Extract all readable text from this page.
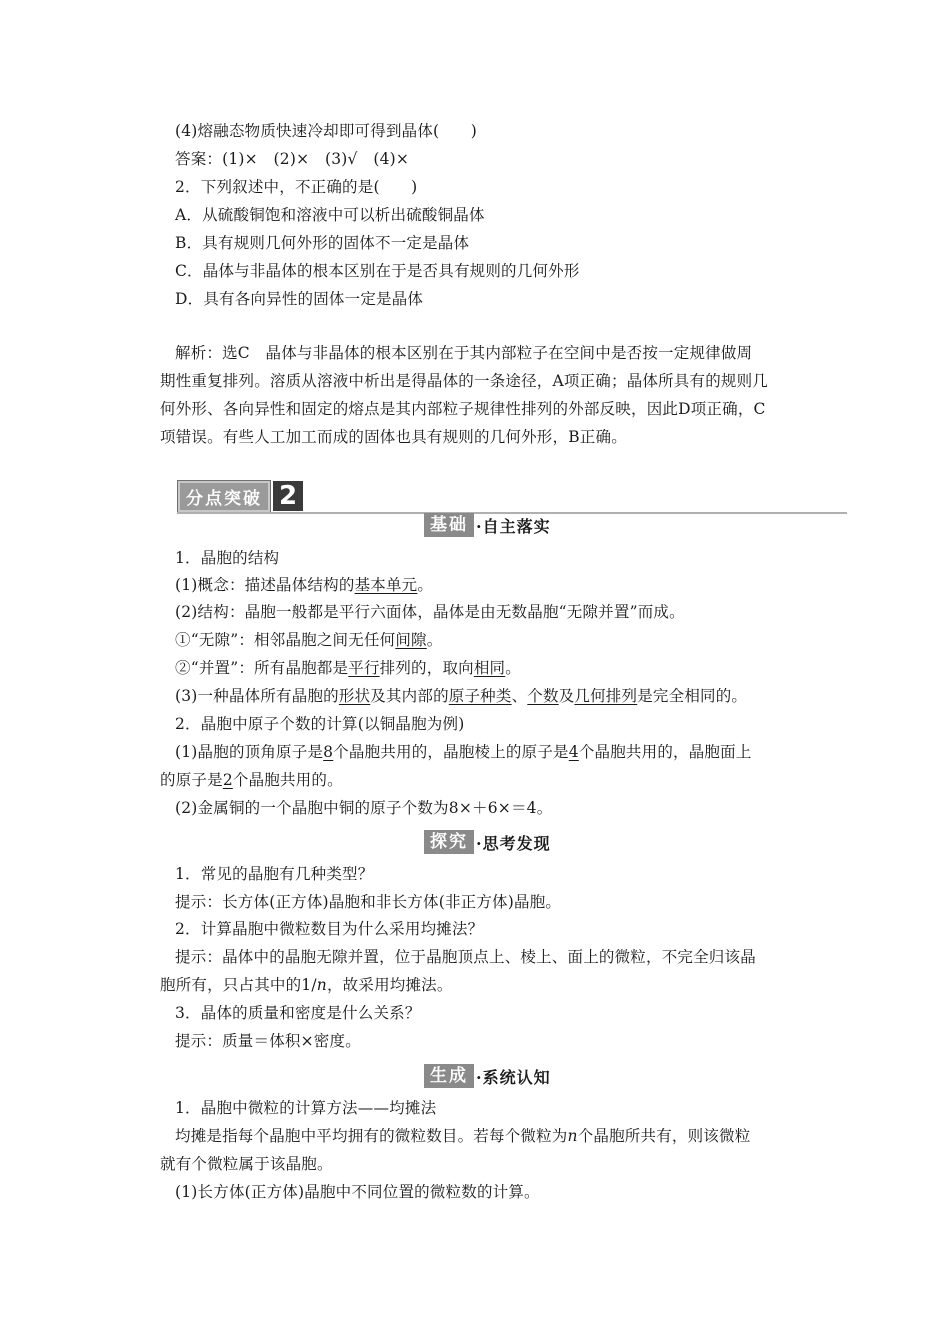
(4)熔融态物质快速冷却即可得到晶体(　　)
答案：(1)×　(2)×　(3)√　(4)×
2．下列叙述中，不正确的是(　　)
A．从硫酸铜饱和溶液中可以析出硫酸铜晶体
B．具有规则几何外形的固体不一定是晶体
C．晶体与非晶体的根本区别在于是否具有规则的几何外形
D．具有各向异性的固体一定是晶体
解析：选C　晶体与非晶体的根本区别在于其内部粒子在空间中是否按一定规律做周
期性重复排列。溶质从溶液中析出是得晶体的一条途径，A项正确；晶体所具有的规则几
何外形、各向异性和固定的熔点是其内部粒子规律性排列的外部反映，因此D项正确，C
项错误。有些人工加工而成的固体也具有规则的几何外形，B正确。
分点突破 2
基础 ·自主落实
1．晶胞的结构
(1)概念：描述晶体结构的基本单元。
(2)结构：晶胞一般都是平行六面体，晶体是由无数晶胞“无隙并置”而成。
①“无隙”：相邻晶胞之间无任何间隙。
②“并置”：所有晶胞都是平行排列的，取向相同。
(3)一种晶体所有晶胞的形状及其内部的原子种类、个数及几何排列是完全相同的。
2．晶胞中原子个数的计算(以铜晶胞为例)
(1)晶胞的顶角原子是8个晶胞共用的，晶胞棱上的原子是4个晶胞共用的，晶胞面上
的原子是2个晶胞共用的。
(2)金属铜的一个晶胞中铜的原子个数为8×＋6×＝4。
探究 ·思考发现
1．常见的晶胞有几种类型？
提示：长方体(正方体)晶胞和非长方体(非正方体)晶胞。
2．计算晶胞中微粒数目为什么采用均摊法？
提示：晶体中的晶胞无隙并置，位于晶胞顶点上、棱上、面上的微粒，不完全归该晶
胞所有，只占其中的1/n，故采用均摊法。
3．晶体的质量和密度是什么关系？
提示：质量＝体积×密度。
生成 ·系统认知
1．晶胞中微粒的计算方法——均摊法
均摊是指每个晶胞中平均拥有的微粒数目。若每个微粒为n个晶胞所共有，则该微粒
就有个微粒属于该晶胞。
(1)长方体(正方体)晶胞中不同位置的微粒数的计算。
